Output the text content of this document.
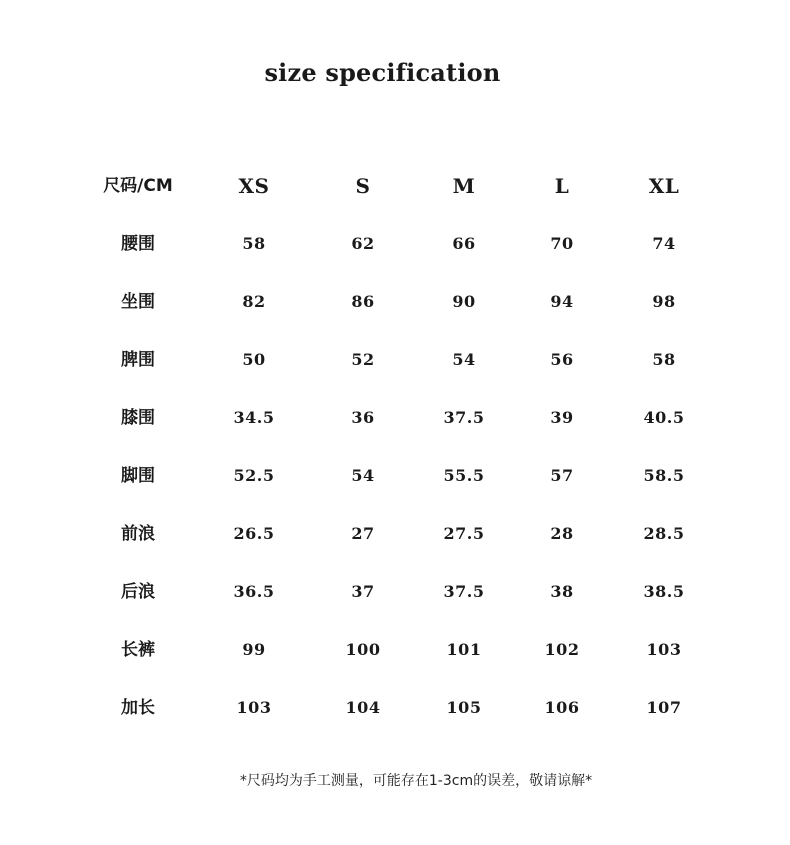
size specification
尺码/CM	XS	S	M	L	XL
腰围	58	62	66	70	74
坐围	82	86	90	94	98
脾围	50	52	54	56	58
膝围	34.5	36	37.5	39	40.5
脚围	52.5	54	55.5	57	58.5
前浪	26.5	27	27.5	28	28.5
后浪	36.5	37	37.5	38	38.5
长裤	99	100	101	102	103
加长	103	104	105	106	107
*尺码均为手工测量，可能存在1-3cm的误差，敬请谅解*
